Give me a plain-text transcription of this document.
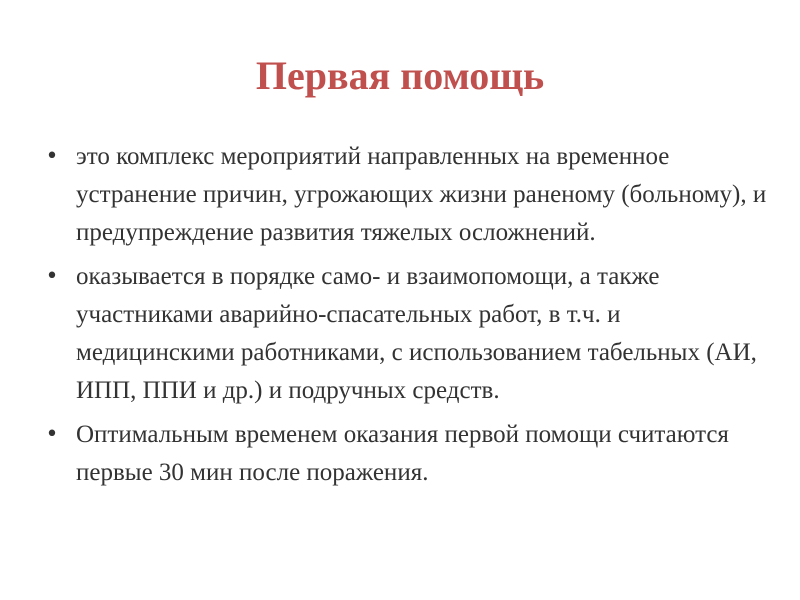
Первая помощь
• это комплекс мероприятий направленных на временное устранение причин, угрожающих жизни раненому (больному), и предупреждение развития тяжелых осложнений.
• оказывается в порядке само- и взаимопомощи, а также участниками аварийно-спасательных работ, в т.ч. и медицинскими работниками, с использованием табельных (АИ, ИПП, ППИ и др.) и подручных средств.
• Оптимальным временем оказания первой помощи считаются первые 30 мин после поражения.
